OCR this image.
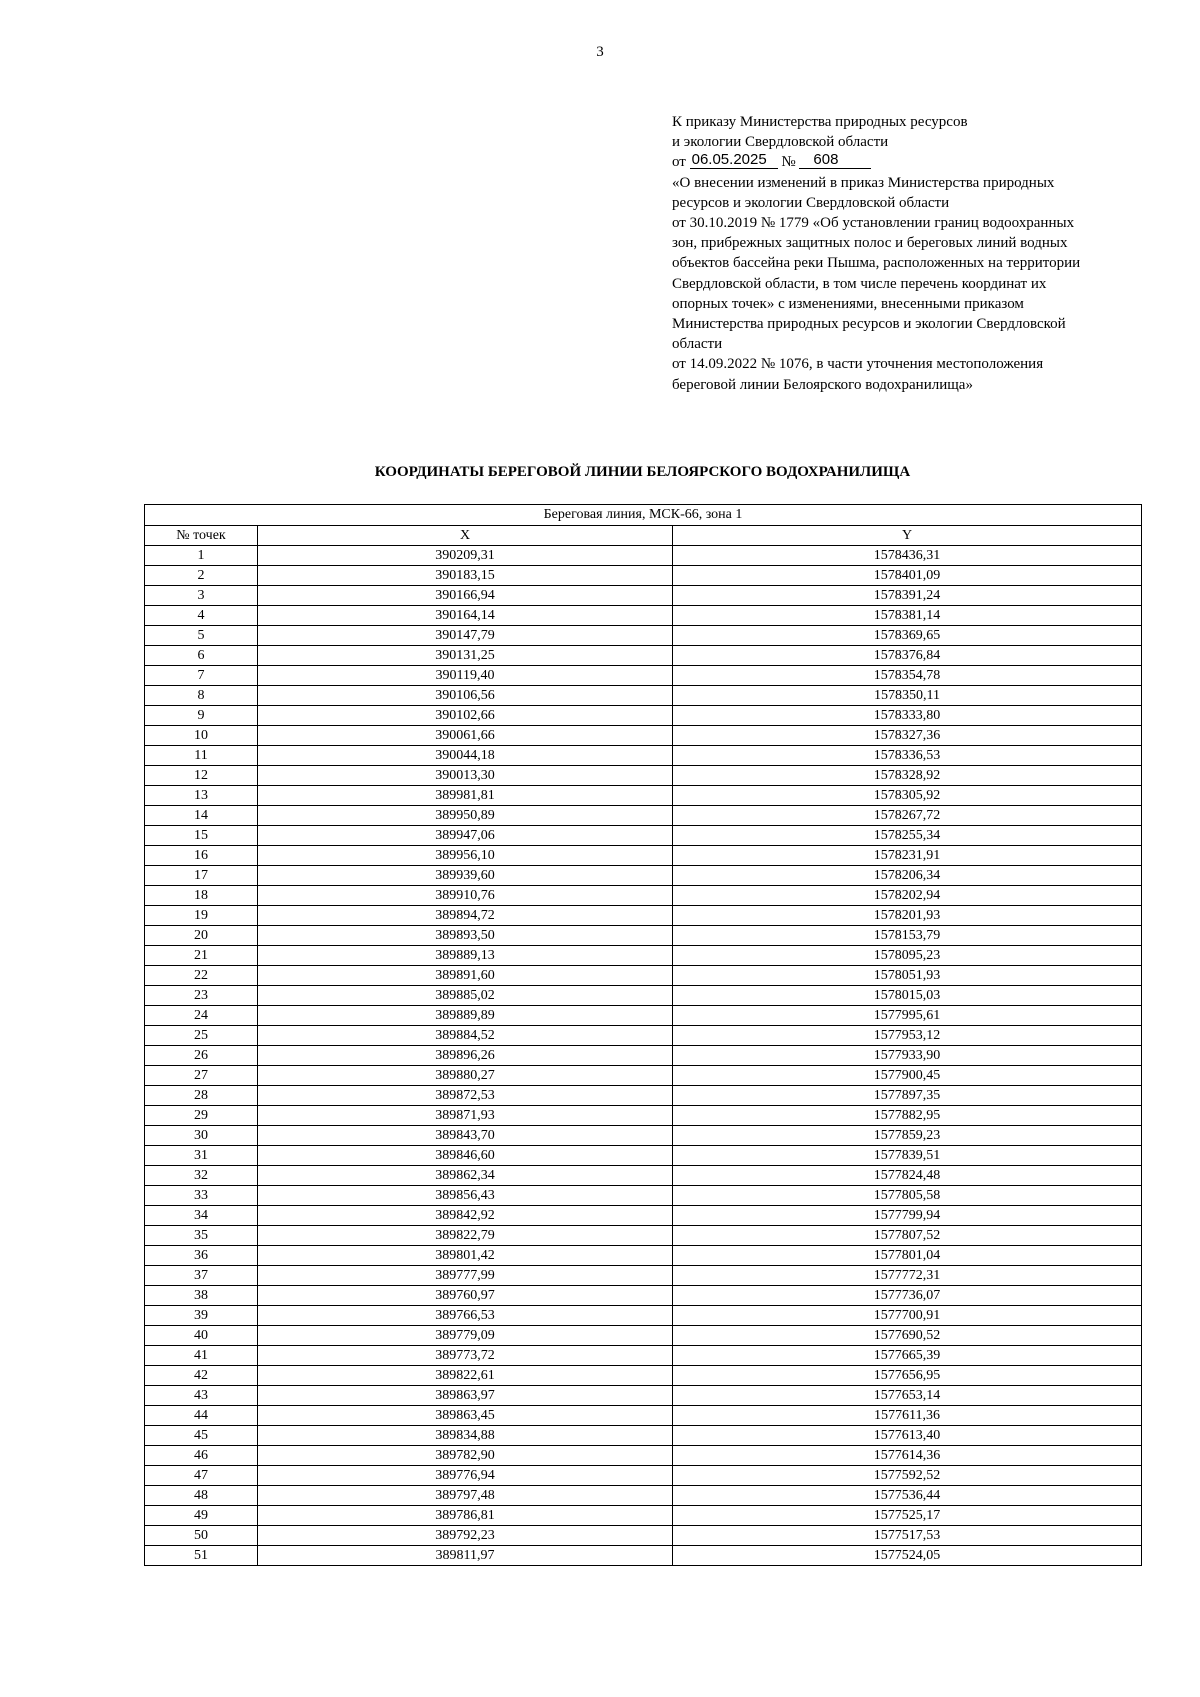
3
К приказу Министерства природных ресурсов
и экологии Свердловской области
от 06.05.2025 № 608
«О внесении изменений в приказ Министерства природных
ресурсов и экологии Свердловской области
от 30.10.2019 № 1779 «Об установлении границ водоохранных
зон, прибрежных защитных полос и береговых линий водных
объектов бассейна реки Пышма, расположенных на территории
Свердловской области, в том числе перечень координат их
опорных точек» с изменениями, внесенными приказом
Министерства природных ресурсов и экологии Свердловской
области
от 14.09.2022 № 1076, в части уточнения местоположения
береговой линии Белоярского водохранилища»
КООРДИНАТЫ БЕРЕГОВОЙ ЛИНИИ БЕЛОЯРСКОГО ВОДОХРАНИЛИЩА
Береговая линия, МСК-66, зона 1		
№ точек	X	Y
1	390209,31	1578436,31
2	390183,15	1578401,09
3	390166,94	1578391,24
4	390164,14	1578381,14
5	390147,79	1578369,65
6	390131,25	1578376,84
7	390119,40	1578354,78
8	390106,56	1578350,11
9	390102,66	1578333,80
10	390061,66	1578327,36
11	390044,18	1578336,53
12	390013,30	1578328,92
13	389981,81	1578305,92
14	389950,89	1578267,72
15	389947,06	1578255,34
16	389956,10	1578231,91
17	389939,60	1578206,34
18	389910,76	1578202,94
19	389894,72	1578201,93
20	389893,50	1578153,79
21	389889,13	1578095,23
22	389891,60	1578051,93
23	389885,02	1578015,03
24	389889,89	1577995,61
25	389884,52	1577953,12
26	389896,26	1577933,90
27	389880,27	1577900,45
28	389872,53	1577897,35
29	389871,93	1577882,95
30	389843,70	1577859,23
31	389846,60	1577839,51
32	389862,34	1577824,48
33	389856,43	1577805,58
34	389842,92	1577799,94
35	389822,79	1577807,52
36	389801,42	1577801,04
37	389777,99	1577772,31
38	389760,97	1577736,07
39	389766,53	1577700,91
40	389779,09	1577690,52
41	389773,72	1577665,39
42	389822,61	1577656,95
43	389863,97	1577653,14
44	389863,45	1577611,36
45	389834,88	1577613,40
46	389782,90	1577614,36
47	389776,94	1577592,52
48	389797,48	1577536,44
49	389786,81	1577525,17
50	389792,23	1577517,53
51	389811,97	1577524,05
